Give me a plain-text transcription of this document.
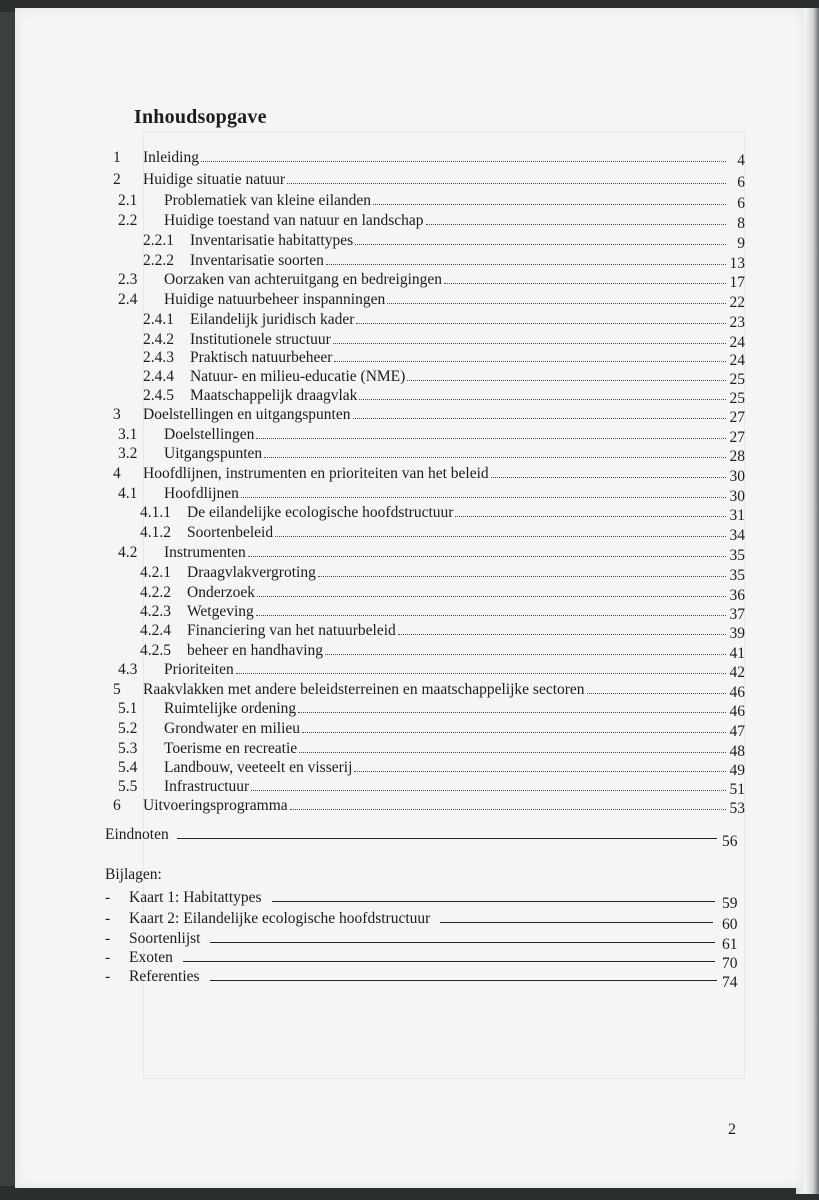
Inhoudsopgave
1 Inleiding	4
2 Huidige situatie natuur	6
2.1 Problematiek van kleine eilanden	6
2.2 Huidige toestand van natuur en landschap	8
2.2.1 Inventarisatie habitattypes	9
2.2.2 Inventarisatie soorten	13
2.3 Oorzaken van achteruitgang en bedreigingen	17
2.4 Huidige natuurbeheer inspanningen	22
2.4.1 Eilandelijk juridisch kader	23
2.4.2 Institutionele structuur	24
2.4.3 Praktisch natuurbeheer	24
2.4.4 Natuur- en milieu-educatie (NME)	25
2.4.5 Maatschappelijk draagvlak	25
3 Doelstellingen en uitgangspunten	27
3.1 Doelstellingen	27
3.2 Uitgangspunten	28
4 Hoofdlijnen, instrumenten en prioriteiten van het beleid	30
4.1 Hoofdlijnen	30
4.1.1 De eilandelijke ecologische hoofdstructuur	31
4.1.2 Soortenbeleid	34
4.2 Instrumenten	35
4.2.1 Draagvlakvergroting	35
4.2.2 Onderzoek	36
4.2.3 Wetgeving	37
4.2.4 Financiering van het natuurbeleid	39
4.2.5 beheer en handhaving	41
4.3 Prioriteiten	42
5 Raakvlakken met andere beleidsterreinen en maatschappelijke sectoren	46
5.1 Ruimtelijke ordening	46
5.2 Grondwater en milieu	47
5.3 Toerisme en recreatie	48
5.4 Landbouw, veeteelt en visserij	49
5.5 Infrastructuur	51
6 Uitvoeringsprogramma	53
Eindnoten	56
Bijlagen:
- Kaart 1: Habitattypes	59
- Kaart 2: Eilandelijke ecologische hoofdstructuur	60
- Soortenlijst	61
- Exoten	70
- Referenties	74
2
